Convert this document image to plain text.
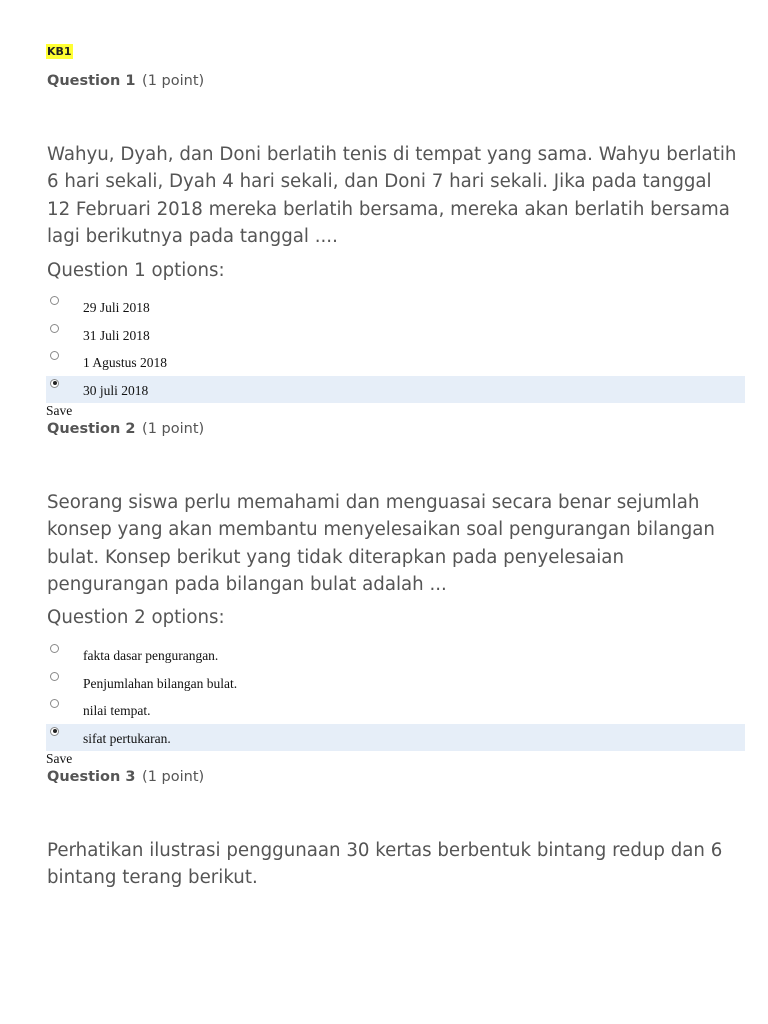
KB1
Question 1 (1 point)

Wahyu, Dyah, dan Doni berlatih tenis di tempat yang sama. Wahyu berlatih 6 hari sekali, Dyah 4 hari sekali, dan Doni 7 hari sekali. Jika pada tanggal 12 Februari 2018 mereka berlatih bersama, mereka akan berlatih bersama lagi berikutnya pada tanggal ....

Question 1 options:
29 Juli 2018
31 Juli 2018
1 Agustus 2018
30 juli 2018
Save
Question 2 (1 point)

Seorang siswa perlu memahami dan menguasai secara benar sejumlah konsep yang akan membantu menyelesaikan soal pengurangan bilangan bulat. Konsep berikut yang tidak diterapkan pada penyelesaian pengurangan pada bilangan bulat adalah ...

Question 2 options:
fakta dasar pengurangan.
Penjumlahan bilangan bulat.
nilai tempat.
sifat pertukaran.
Save
Question 3 (1 point)

Perhatikan ilustrasi penggunaan 30 kertas berbentuk bintang redup dan 6 bintang terang berikut.
